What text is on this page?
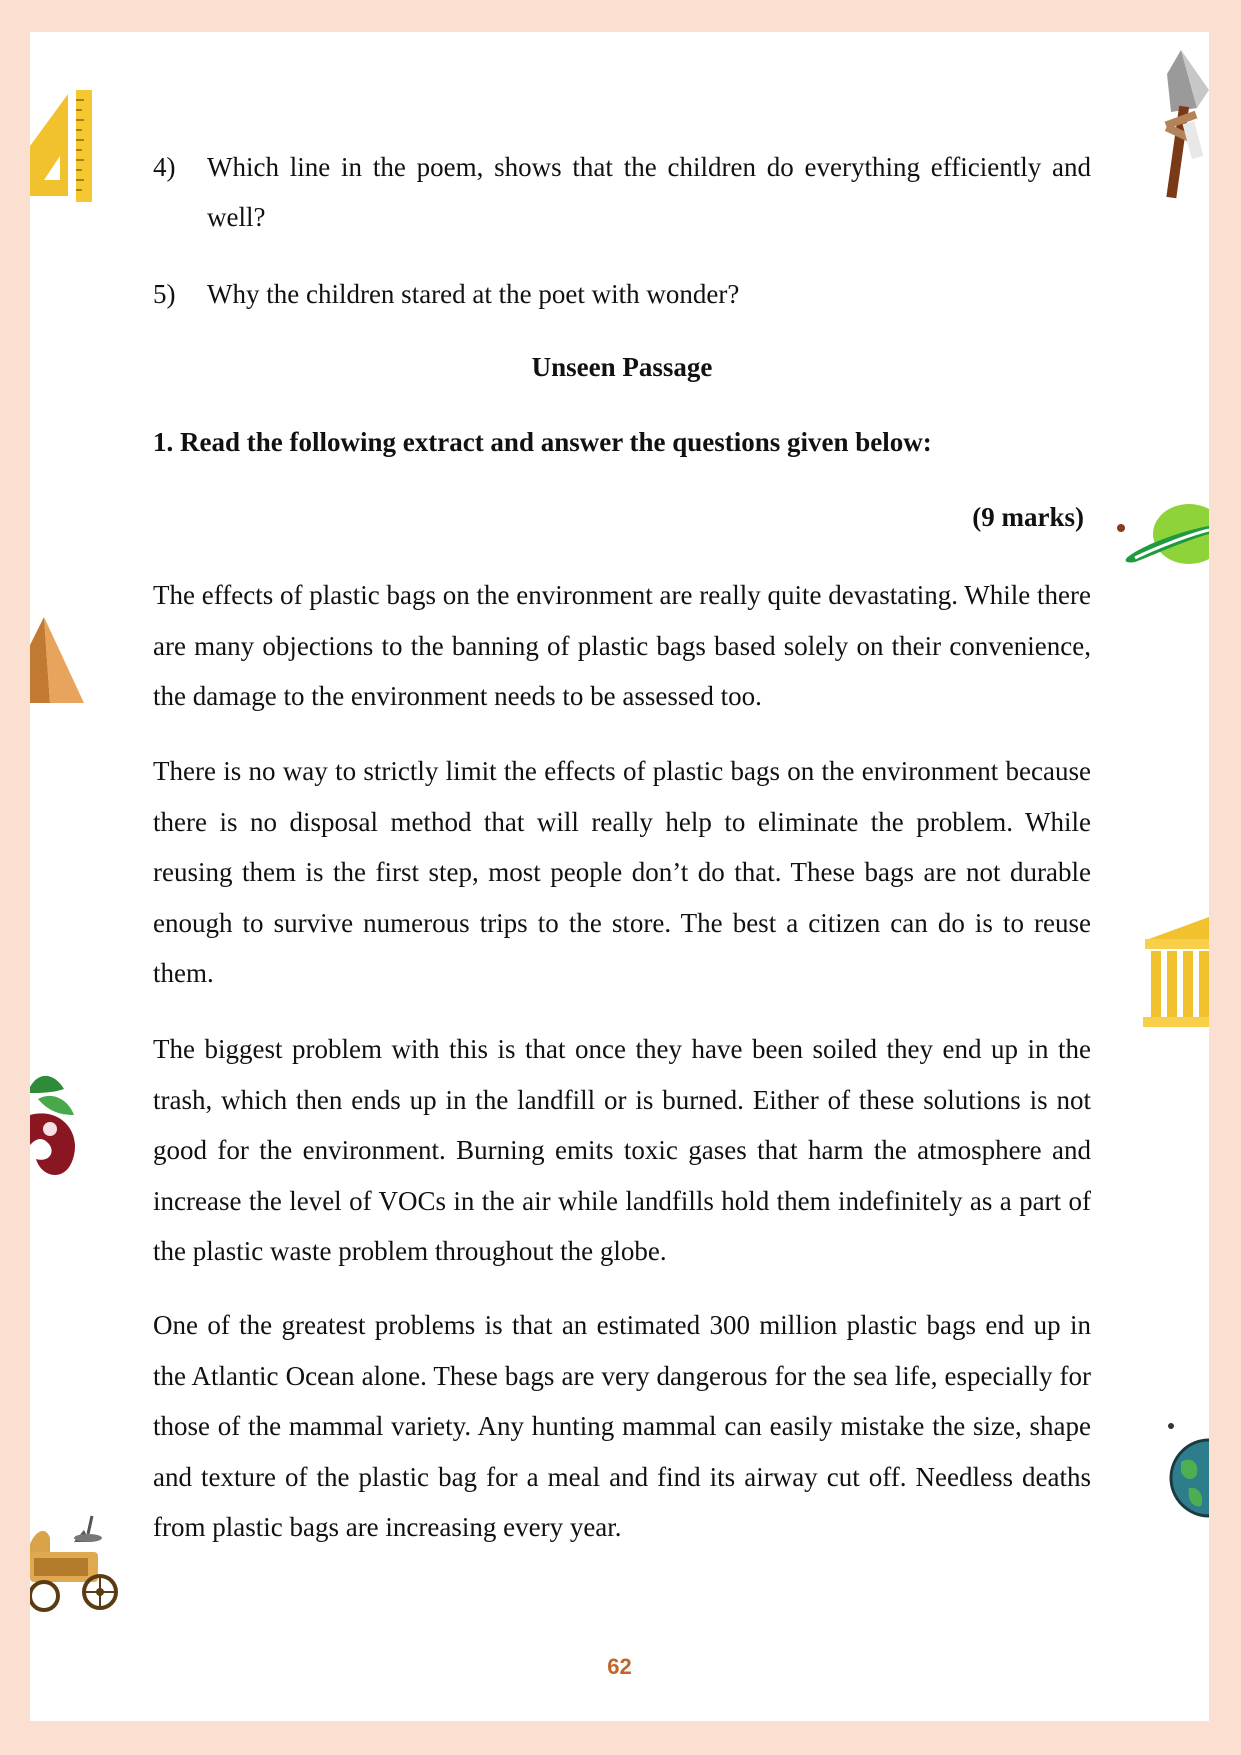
4) Which line in the poem, shows that the children do everything efficiently and well?
5) Why the children stared at the poet with wonder?
Unseen Passage
1. Read the following extract and answer the questions given below:
(9 marks)

The effects of plastic bags on the environment are really quite devastating. While there are many objections to the banning of plastic bags based solely on their convenience, the damage to the environment needs to be assessed too.

There is no way to strictly limit the effects of plastic bags on the environment because there is no disposal method that will really help to eliminate the problem. While reusing them is the first step, most people don’t do that. These bags are not durable enough to survive numerous trips to the store. The best a citizen can do is to reuse them.

The biggest problem with this is that once they have been soiled they end up in the trash, which then ends up in the landfill or is burned. Either of these solutions is not good for the environment. Burning emits toxic gases that harm the atmosphere and increase the level of VOCs in the air while landfills hold them indefinitely as a part of the plastic waste problem throughout the globe.

One of the greatest problems is that an estimated 300 million plastic bags end up in the Atlantic Ocean alone. These bags are very dangerous for the sea life, especially for those of the mammal variety. Any hunting mammal can easily mistake the size, shape and texture of the plastic bag for a meal and find its airway cut off. Needless deaths from plastic bags are increasing every year.

62
